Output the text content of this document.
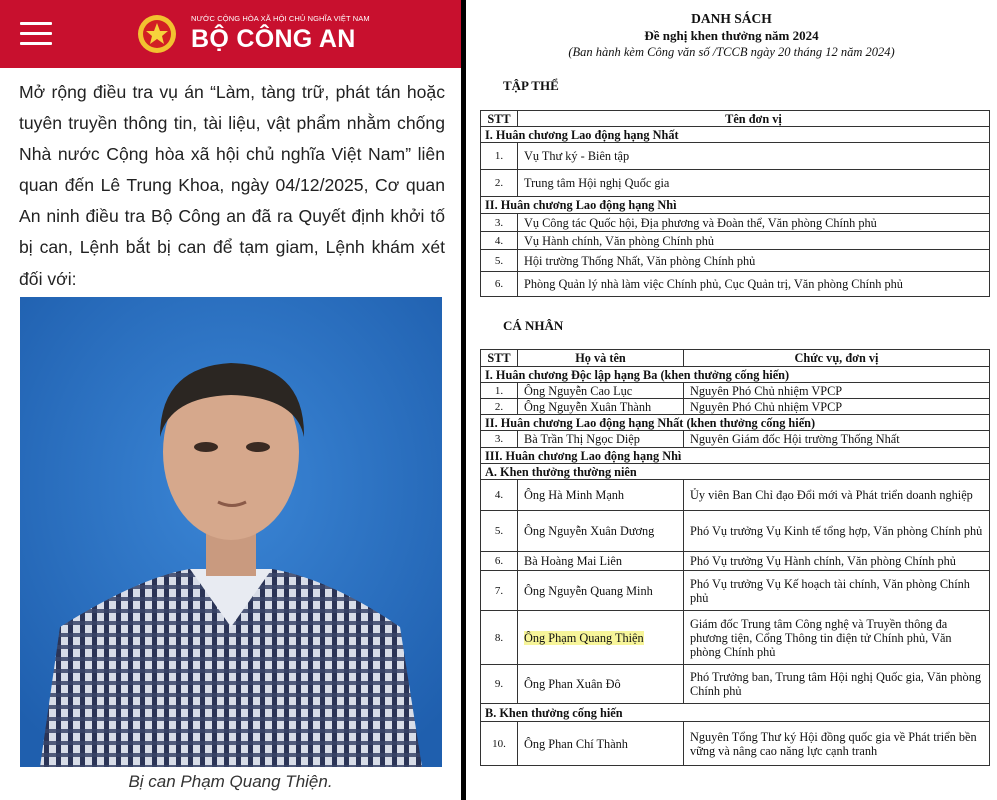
NƯỚC CỘNG HÒA XÃ HỘI CHỦ NGHĨA VIỆT NAM
BỘ CÔNG AN
Mở rộng điều tra vụ án “Làm, tàng trữ, phát tán hoặc tuyên truyền thông tin, tài liệu, vật phẩm nhằm chống Nhà nước Cộng hòa xã hội chủ nghĩa Việt Nam” liên quan đến Lê Trung Khoa, ngày 04/12/2025, Cơ quan An ninh điều tra Bộ Công an đã ra Quyết định khởi tố bị can, Lệnh bắt bị can để tạm giam, Lệnh khám xét đối với:
Bị can Phạm Quang Thiện.
DANH SÁCH
Đề nghị khen thưởng năm 2024
(Ban hành kèm Công văn số /TCCB ngày 20 tháng 12 năm 2024)
TẬP THỂ
STT	Tên đơn vị
I. Huân chương Lao động hạng Nhất	
1.	Vụ Thư ký - Biên tập
2.	Trung tâm Hội nghị Quốc gia
II. Huân chương Lao động hạng Nhì	
3.	Vụ Công tác Quốc hội, Địa phương và Đoàn thể, Văn phòng Chính phủ
4.	Vụ Hành chính, Văn phòng Chính phủ
5.	Hội trường Thống Nhất, Văn phòng Chính phủ
6.	Phòng Quản lý nhà làm việc Chính phủ, Cục Quản trị, Văn phòng Chính phủ
CÁ NHÂN
STT	Họ và tên	Chức vụ, đơn vị
I. Huân chương Độc lập hạng Ba (khen thưởng cống hiến)		
1.	Ông Nguyễn Cao Lục	Nguyên Phó Chủ nhiệm VPCP
2.	Ông Nguyễn Xuân Thành	Nguyên Phó Chủ nhiệm VPCP
II. Huân chương Lao động hạng Nhất (khen thưởng cống hiến)		
3.	Bà Trần Thị Ngọc Diệp	Nguyên Giám đốc Hội trường Thống Nhất
III. Huân chương Lao động hạng Nhì		
A. Khen thưởng thường niên		
4.	Ông Hà Minh Mạnh	Ủy viên Ban Chỉ đạo Đổi mới và Phát triển doanh nghiệp
5.	Ông Nguyễn Xuân Dương	Phó Vụ trưởng Vụ Kinh tế tổng hợp, Văn phòng Chính phủ
6.	Bà Hoàng Mai Liên	Phó Vụ trưởng Vụ Hành chính, Văn phòng Chính phủ
7.	Ông Nguyễn Quang Minh	Phó Vụ trưởng Vụ Kế hoạch tài chính, Văn phòng Chính phủ
8.	Ông Phạm Quang Thiện	Giám đốc Trung tâm Công nghệ và Truyền thông đa phương tiện, Cổng Thông tin điện tử Chính phủ, Văn phòng Chính phủ
9.	Ông Phan Xuân Đô	Phó Trưởng ban, Trung tâm Hội nghị Quốc gia, Văn phòng Chính phủ
B. Khen thưởng cống hiến		
10.	Ông Phan Chí Thành	Nguyên Tổng Thư ký Hội đồng quốc gia về Phát triển bền vững và nâng cao năng lực cạnh tranh
